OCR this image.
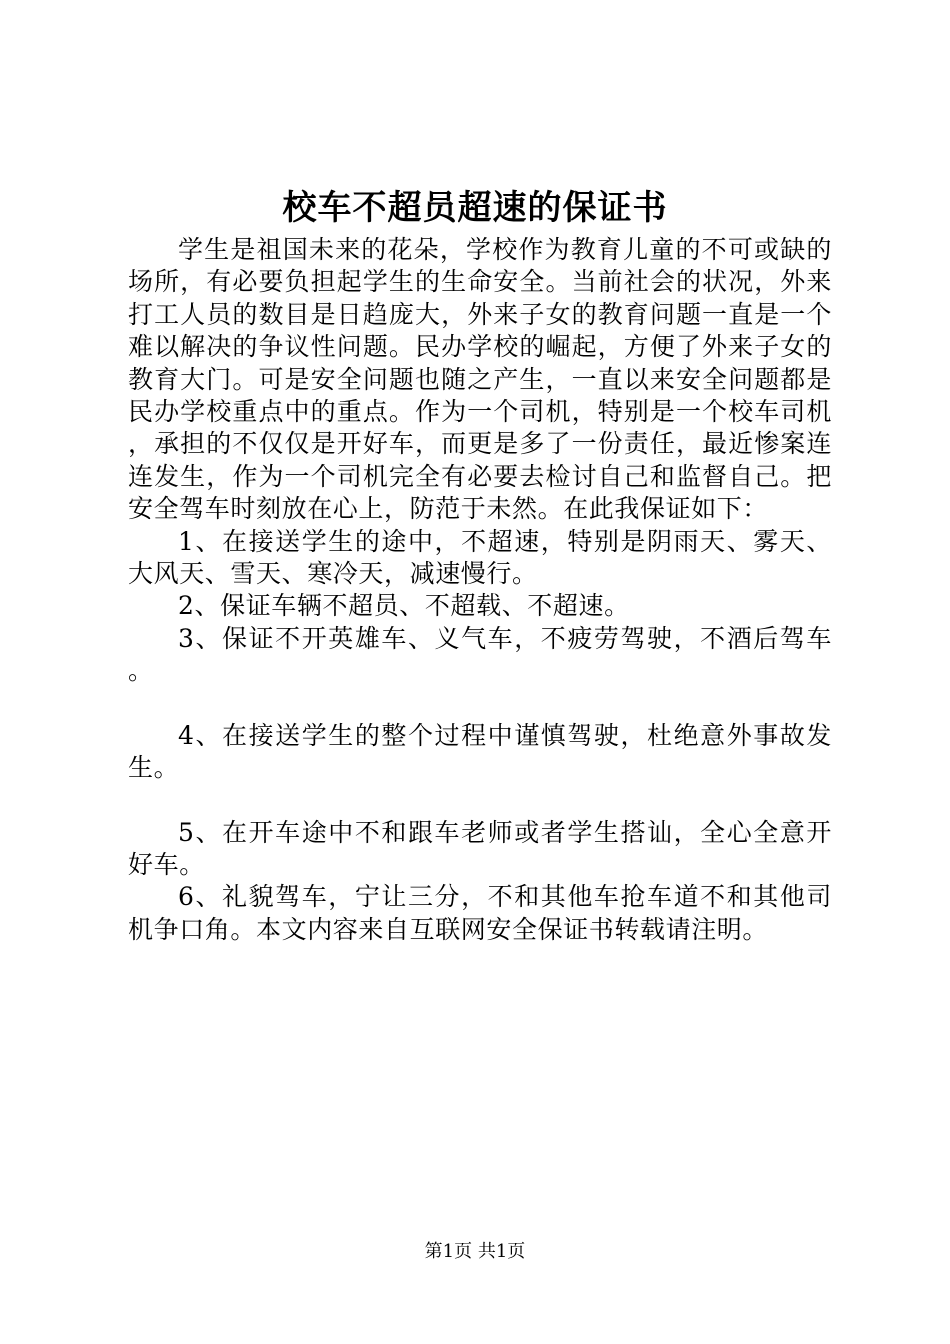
校车不超员超速的保证书

学生是祖国未来的花朵，学校作为教育儿童的不可或缺的场所，有必要负担起学生的生命安全。当前社会的状况，外来打工人员的数目是日趋庞大，外来子女的教育问题一直是一个难以解决的争议性问题。民办学校的崛起，方便了外来子女的教育大门。可是安全问题也随之产生，一直以来安全问题都是民办学校重点中的重点。作为一个司机，特别是一个校车司机，承担的不仅仅是开好车，而更是多了一份责任，最近惨案连连发生，作为一个司机完全有必要去检讨自己和监督自己。把安全驾车时刻放在心上，防范于未然。在此我保证如下：

1、在接送学生的途中，不超速，特别是阴雨天、雾天、大风天、雪天、寒冷天，减速慢行。

2、保证车辆不超员、不超载、不超速。

3、保证不开英雄车、义气车，不疲劳驾驶，不酒后驾车。

4、在接送学生的整个过程中谨慎驾驶，杜绝意外事故发生。

5、在开车途中不和跟车老师或者学生搭讪，全心全意开好车。

6、礼貌驾车，宁让三分，不和其他车抢车道不和其他司机争口角。本文内容来自互联网安全保证书转载请注明。

第1页 共1页
